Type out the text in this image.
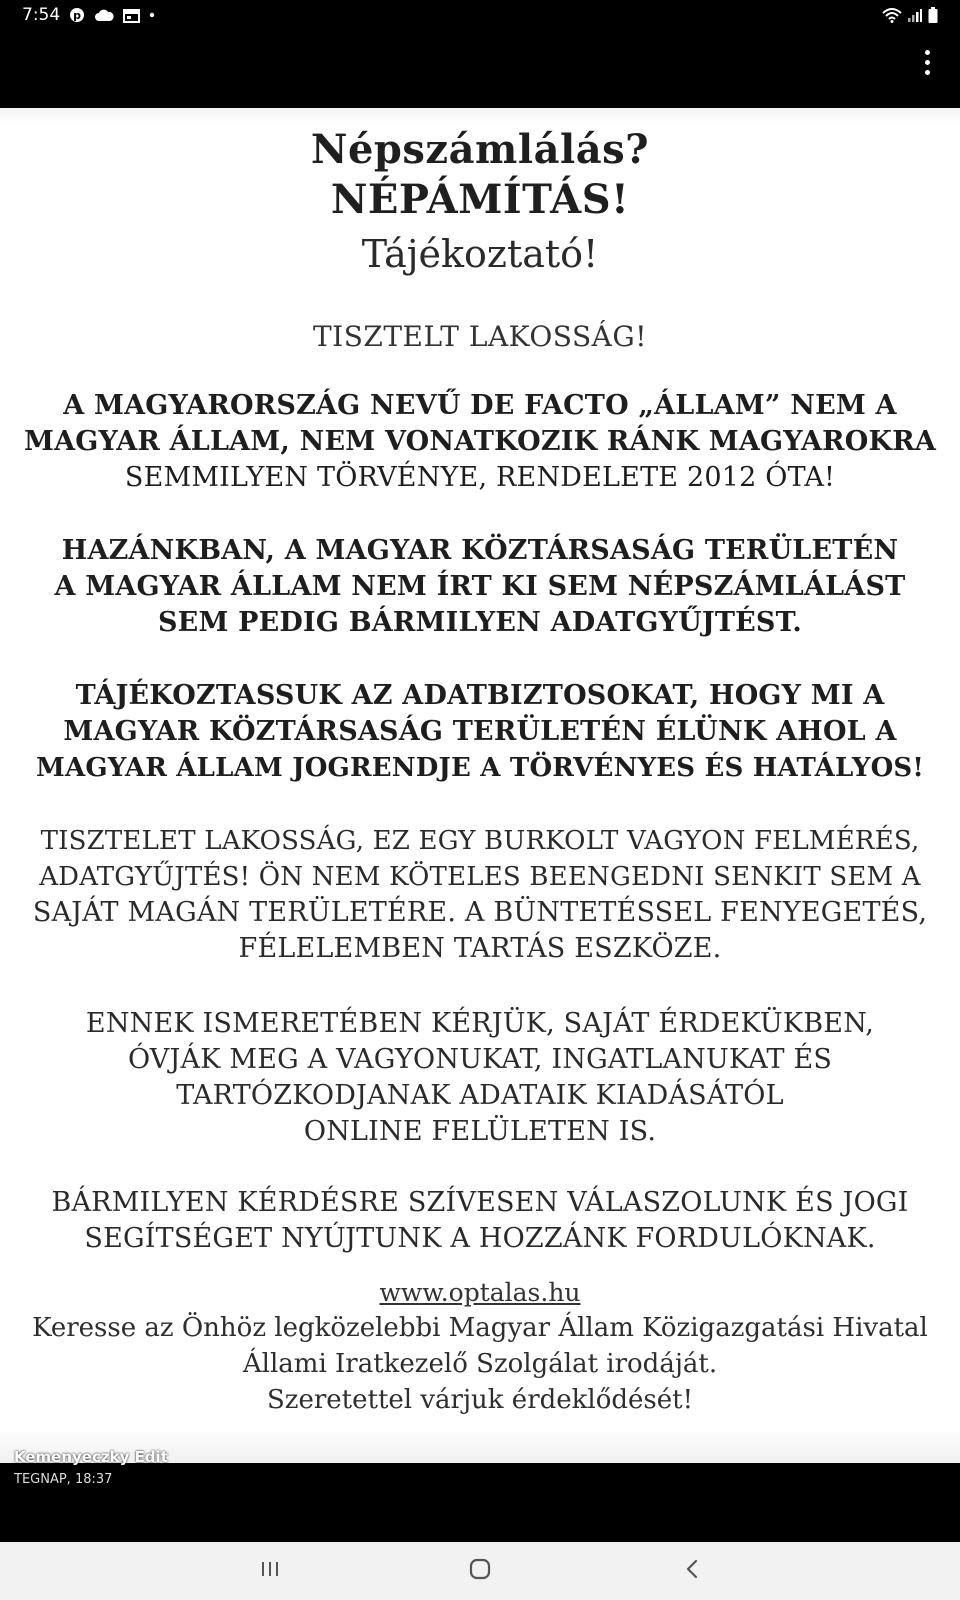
7:54 p
Népszámlálás?
NÉPÁMÍTÁS!
Tájékoztató!
TISZTELT LAKOSSÁG!
A MAGYARORSZÁG NEVŰ DE FACTO „ÁLLAM” NEM A
MAGYAR ÁLLAM, NEM VONATKOZIK RÁNK MAGYAROKRA
SEMMILYEN TÖRVÉNYE, RENDELETE 2012 ÓTA!
HAZÁNKBAN, A MAGYAR KÖZTÁRSASÁG TERÜLETÉN
A MAGYAR ÁLLAM NEM ÍRT KI SEM NÉPSZÁMLÁLÁST
SEM PEDIG BÁRMILYEN ADATGYŰJTÉST.
TÁJÉKOZTASSUK AZ ADATBIZTOSOKAT, HOGY MI A
MAGYAR KÖZTÁRSASÁG TERÜLETÉN ÉLÜNK AHOL A
MAGYAR ÁLLAM JOGRENDJE A TÖRVÉNYES ÉS HATÁLYOS!
TISZTELET LAKOSSÁG, EZ EGY BURKOLT VAGYON FELMÉRÉS,
ADATGYŰJTÉS! ÖN NEM KÖTELES BEENGEDNI SENKIT SEM A
SAJÁT MAGÁN TERÜLETÉRE. A BÜNTETÉSSEL FENYEGETÉS,
FÉLELEMBEN TARTÁS ESZKÖZE.
ENNEK ISMERETÉBEN KÉRJÜK, SAJÁT ÉRDEKÜKBEN,
ÓVJÁK MEG A VAGYONUKAT, INGATLANUKAT ÉS
TARTÓZKODJANAK ADATAIK KIADÁSÁTÓL
ONLINE FELÜLETEN IS.
BÁRMILYEN KÉRDÉSRE SZÍVESEN VÁLASZOLUNK ÉS JOGI
SEGÍTSÉGET NYÚJTUNK A HOZZÁNK FORDULÓKNAK.
www.optalas.hu
Keresse az Önhöz legközelebbi Magyar Állam Közigazgatási Hivatal
Állami Iratkezelő Szolgálat irodáját.
Szeretettel várjuk érdeklődését!
Kemenyeczky Edit
TEGNAP, 18:37
